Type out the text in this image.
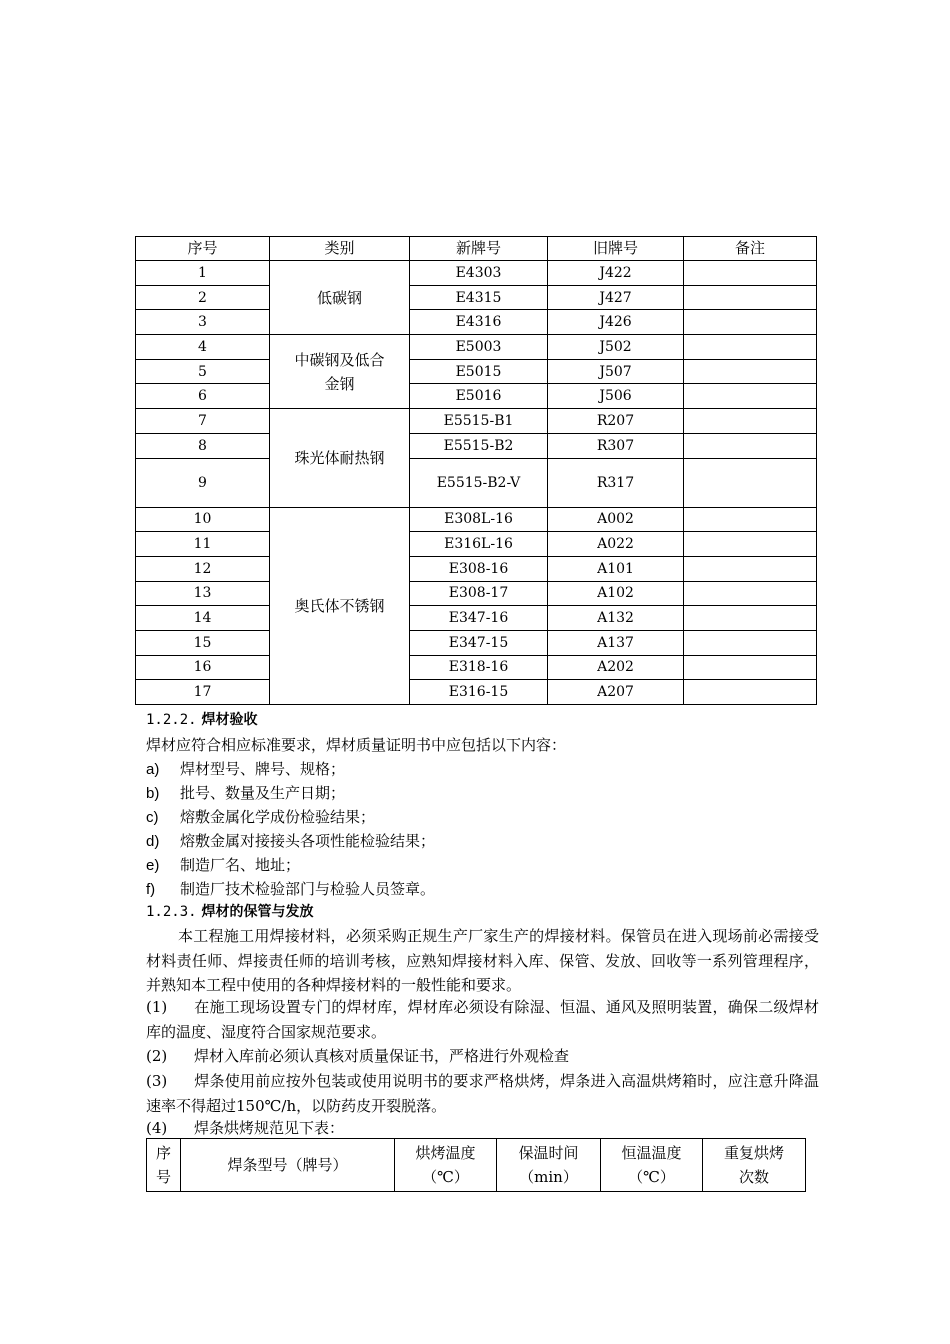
序号	类别	新牌号	旧牌号	备注
1	低碳钢	E4303	J422	
2		E4315	J427	
3		E4316	J426	
4	中碳钢及低合金钢	E5003	J502	
5		E5015	J507	
6		E5016	J506	
7	珠光体耐热钢	E5515-B1	R207	
8		E5515-B2	R307	
9		E5515-B2-V	R317	
10	奥氏体不锈钢	E308L-16	A002	
11		E316L-16	A022	
12		E308-16	A101	
13		E308-17	A102	
14		E347-16	A132	
15		E347-15	A137	
16		E318-16	A202	
17		E316-15	A207	
1.2.2. 焊材验收
焊材应符合相应标准要求，焊材质量证明书中应包括以下内容：
a) 焊材型号、牌号、规格；
b) 批号、数量及生产日期；
c) 熔敷金属化学成份检验结果；
d) 熔敷金属对接接头各项性能检验结果；
e) 制造厂名、地址；
f) 制造厂技术检验部门与检验人员签章。
1.2.3. 焊材的保管与发放
本工程施工用焊接材料，必须采购正规生产厂家生产的焊接材料。保管员在进入现场前必需接受材料责任师、焊接责任师的培训考核，应熟知焊接材料入库、保管、发放、回收等一系列管理程序，并熟知本工程中使用的各种焊接材料的一般性能和要求。
(1) 在施工现场设置专门的焊材库，焊材库必须设有除湿、恒温、通风及照明装置，确保二级焊材库的温度、湿度符合国家规范要求。
(2) 焊材入库前必须认真核对质量保证书，严格进行外观检查
(3) 焊条使用前应按外包装或使用说明书的要求严格烘烤，焊条进入高温烘烤箱时，应注意升降温速率不得超过150℃/h，以防药皮开裂脱落。
(4) 焊条烘烤规范见下表：
序号	焊条型号（牌号）	烘烤温度（℃）	保温时间（min）	恒温温度（℃）	重复烘烤次数
